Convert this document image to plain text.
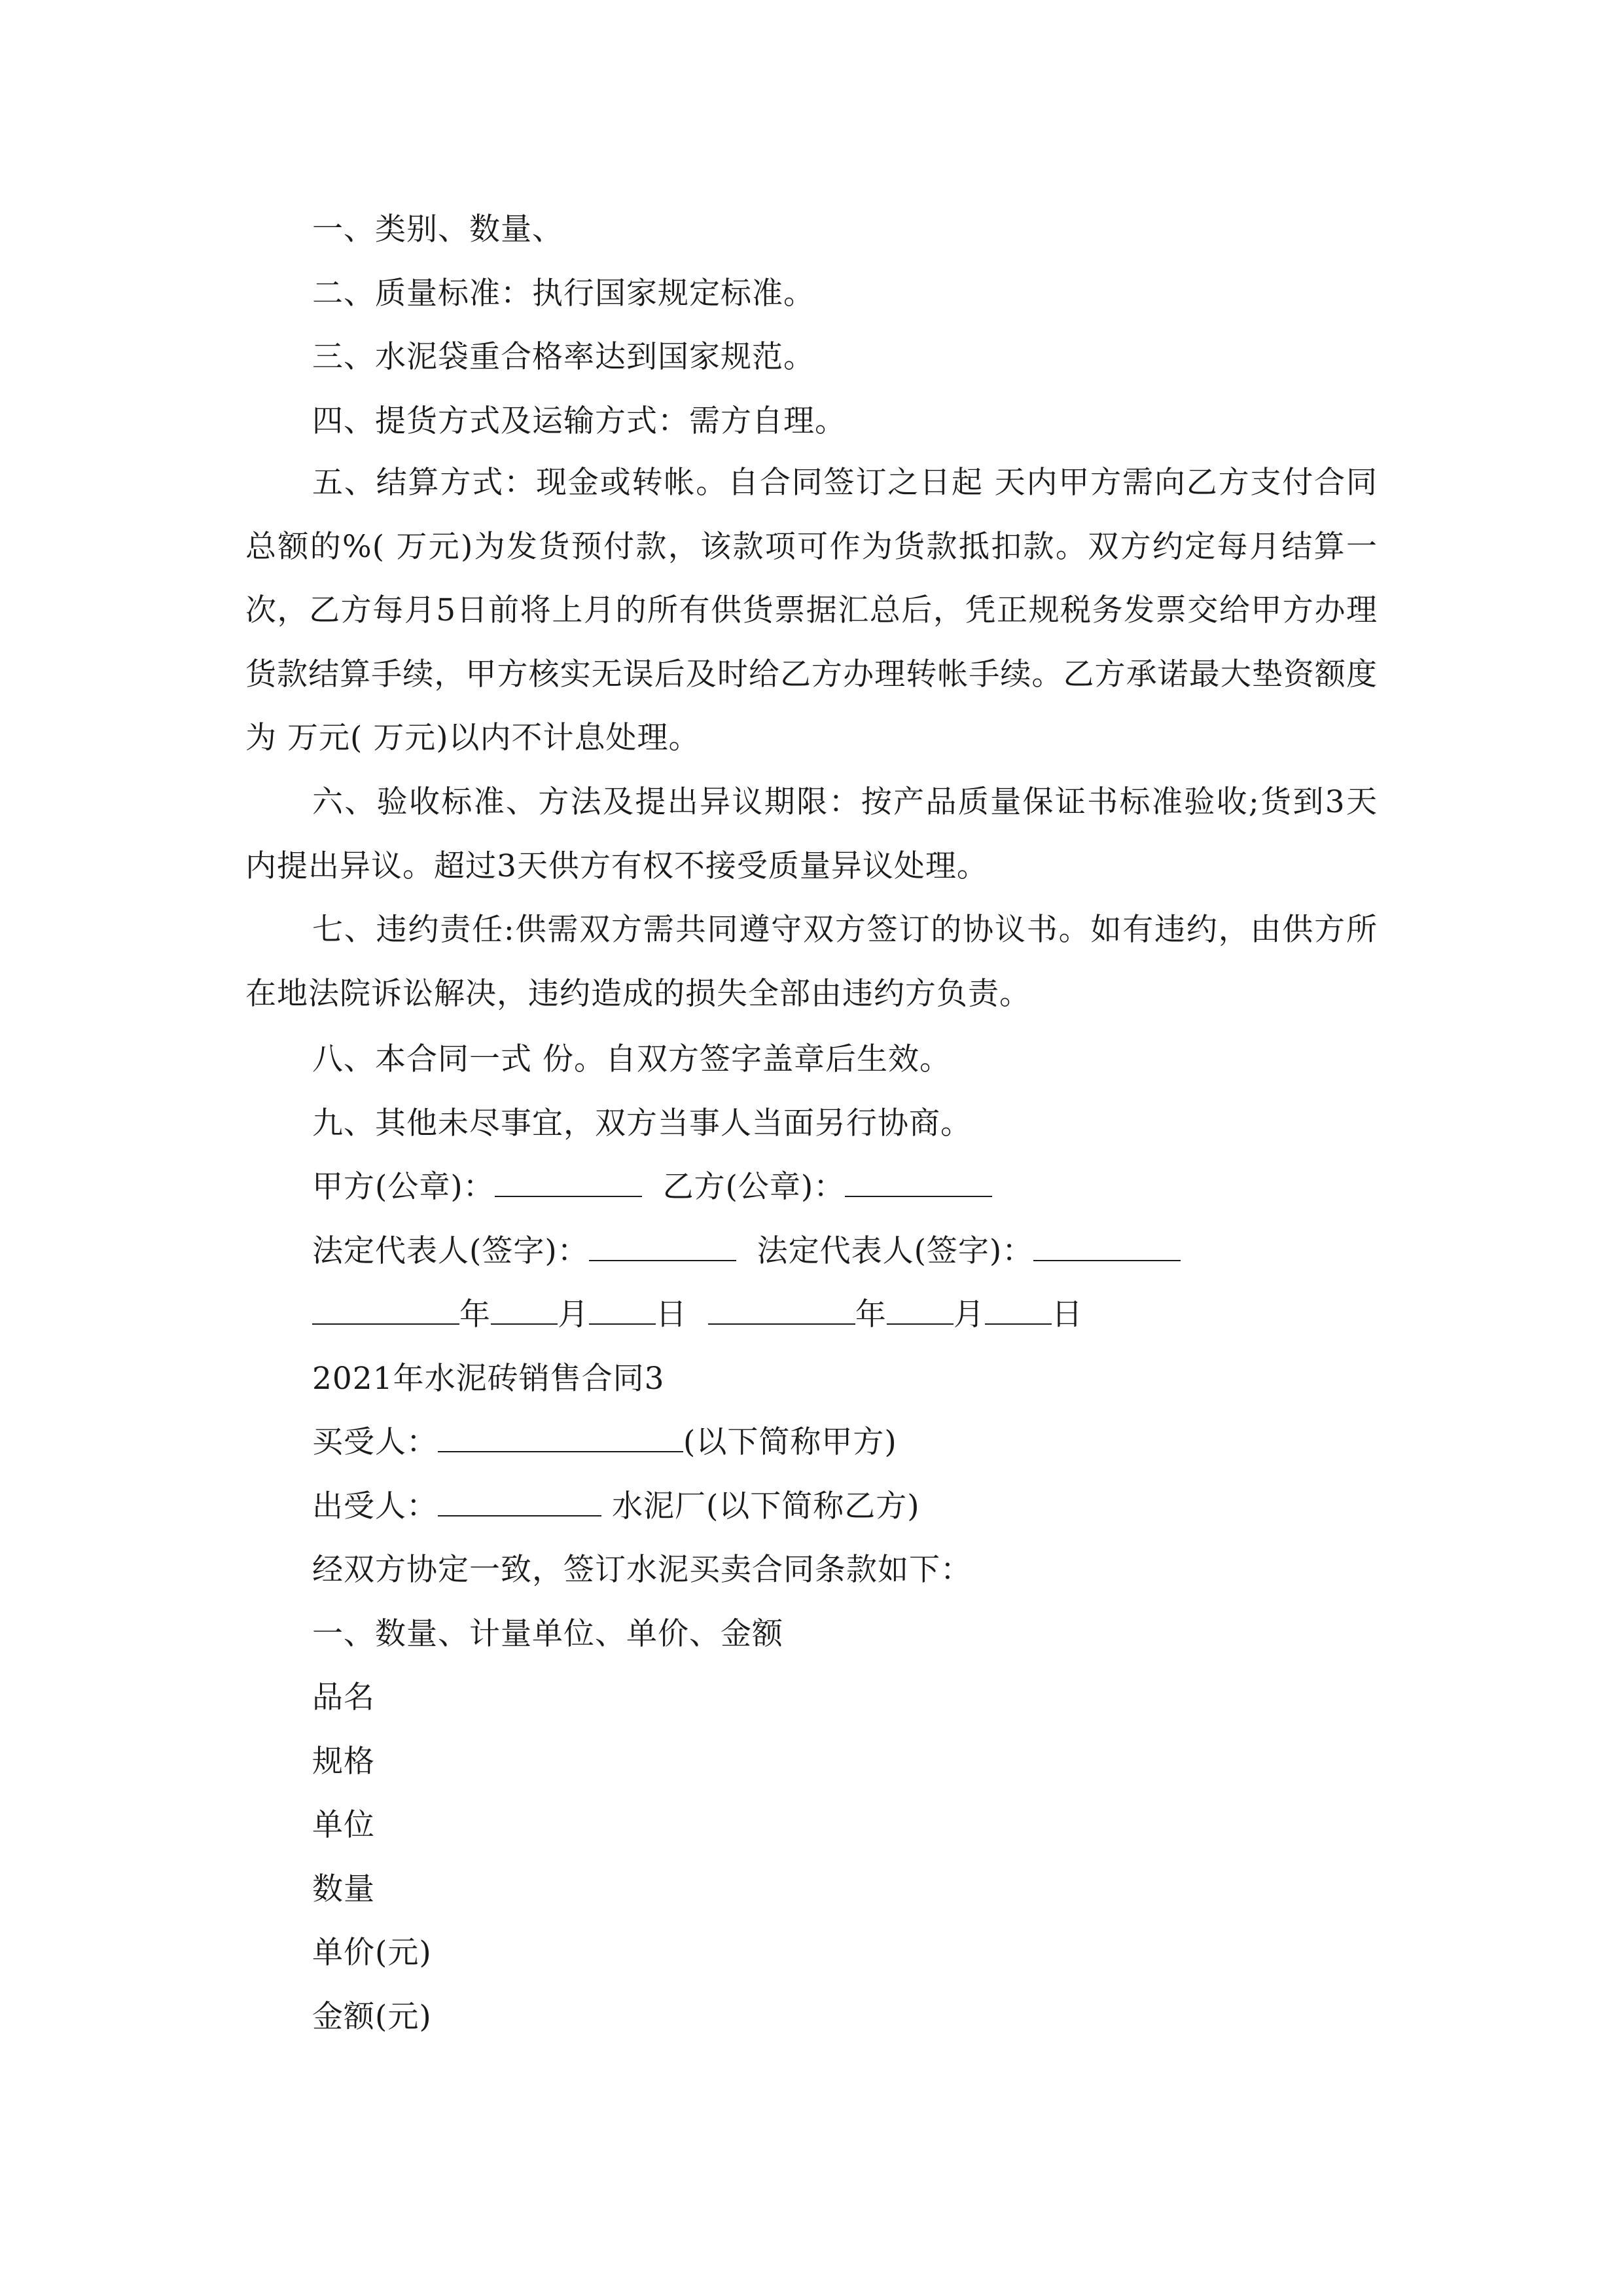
一、类别、数量、
二、质量标准：执行国家规定标准。
三、水泥袋重合格率达到国家规范。
四、提货方式及运输方式：需方自理。

五、结算方式：现金或转帐。自合同签订之日起 天内甲方需向乙方支付合同总额的%( 万元)为发货预付款，该款项可作为货款抵扣款。双方约定每月结算一次，乙方每月5日前将上月的所有供货票据汇总后，凭正规税务发票交给甲方办理货款结算手续，甲方核实无误后及时给乙方办理转帐手续。乙方承诺最大垫资额度为 万元( 万元)以内不计息处理。

六、验收标准、方法及提出异议期限：按产品质量保证书标准验收;货到3天内提出异议。超过3天供方有权不接受质量异议处理。

七、违约责任:供需双方需共同遵守双方签订的协议书。如有违约，由供方所在地法院诉讼解决，违约造成的损失全部由违约方负责。

八、本合同一式 份。自双方签字盖章后生效。
九、其他未尽事宜，双方当事人当面另行协商。
甲方(公章)：	乙方(公章)：
法定代表人(签字)：	法定代表人(签字)：
年 月 日	年 月 日
2021年水泥砖销售合同3
买受人：	(以下简称甲方)
出受人：	水泥厂(以下简称乙方)
经双方协定一致，签订水泥买卖合同条款如下：
一、数量、计量单位、单价、金额
品名
规格
单位
数量
单价(元)
金额(元)
